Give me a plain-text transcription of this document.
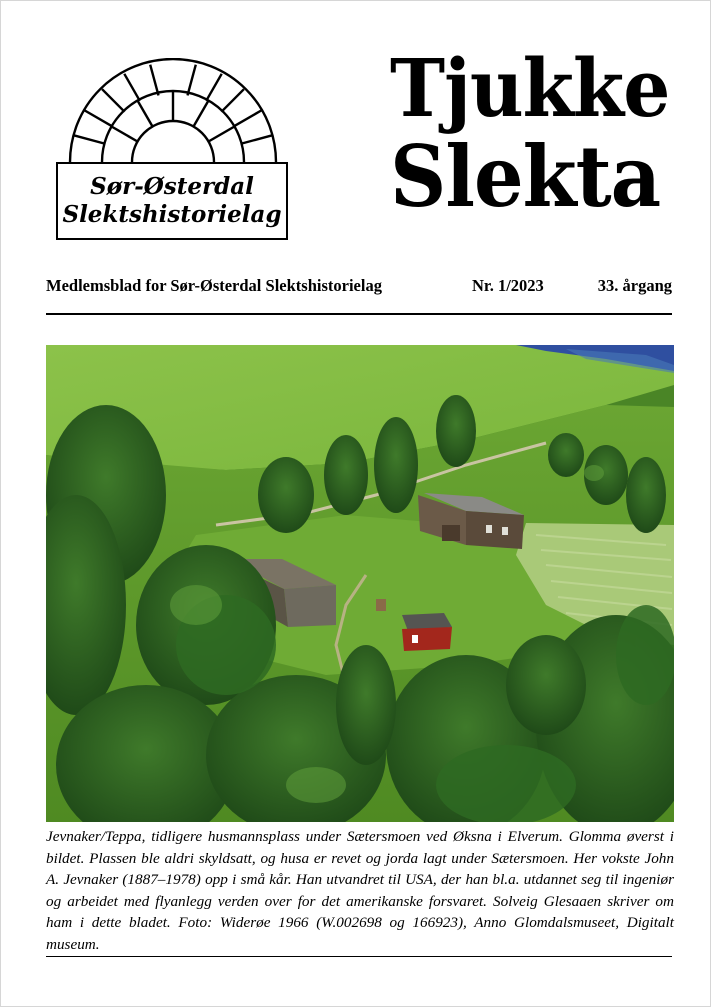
Sør-Østerdal
Slektshistorielag
Tjukke
Slekta
Medlemsblad for Sør-Østerdal Slektshistorielag	Nr. 1/2023	33. årgang
Jevnaker/Teppa, tidligere husmannsplass under Sætersmoen ved Øksna i Elverum. Glomma øverst i bildet. Plassen ble aldri skyldsatt, og husa er revet og jorda lagt under Sætersmoen. Her vokste John A. Jevnaker (1887–1978) opp i små kår. Han utvandret til USA, der han bl.a. utdannet seg til ingeniør og arbeidet med flyanlegg verden over for det amerikanske forsvaret. Solveig Glesaaen skriver om ham i dette bladet. Foto: Widerøe 1966 (W.002698 og 166923), Anno Glomdalsmuseet, Digitalt museum.
